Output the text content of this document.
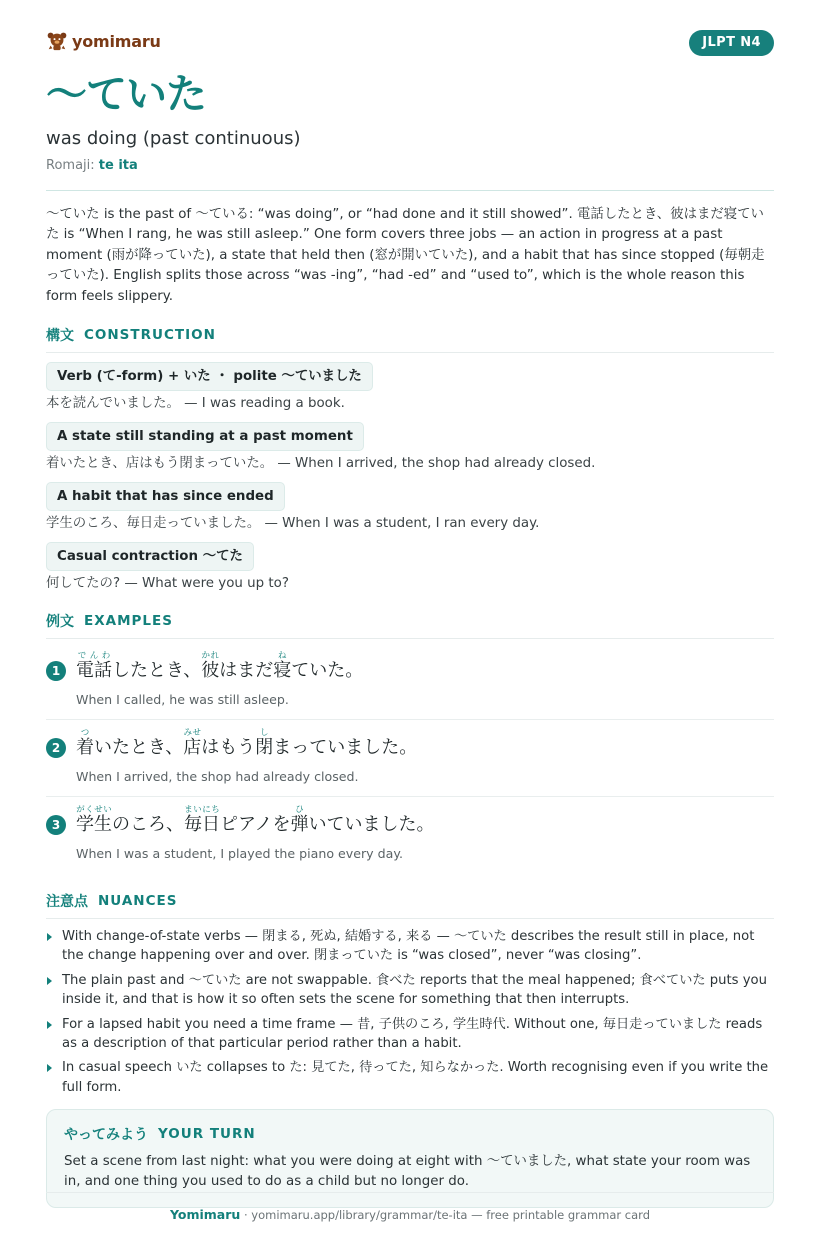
yomimaru	JLPT N4
〜ていた
was doing (past continuous)
Romaji: te ita

〜ていた is the past of 〜ている: “was doing”, or “had done and it still showed”. 電話したとき、彼はまだ寝ていた is “When I rang, he was still asleep.” One form covers three jobs — an action in progress at a past moment (雨が降っていた), a state that held then (窓が開いていた), and a habit that has since stopped (毎朝走っていた). English splits those across “was -ing”, “had -ed” and “used to”, which is the whole reason this form feels slippery.

構文 CONSTRUCTION
Verb (て-form) + いた ・ polite 〜ていました
本を読んでいました。 — I was reading a book.
A state still standing at a past moment
着いたとき、店はもう閉まっていた。 — When I arrived, the shop had already closed.
A habit that has since ended
学生のころ、毎日走っていました。 — When I was a student, I ran every day.
Casual contraction 〜てた
何してたの? — What were you up to?
例文 EXAMPLES
1 電話でんわしたとき、彼かれはまだ寝ねていた。
When I called, he was still asleep.
2 着ついたとき、店みせはもう閉しまっていました。
When I arrived, the shop had already closed.
3 学生がくせいのころ、毎日まいにちピアノを弾ひいていました。
When I was a student, I played the piano every day.
注意点 NUANCES
With change-of-state verbs — 閉まる, 死ぬ, 結婚する, 来る — 〜ていた describes the result still in place, not the change happening over and over. 閉まっていた is “was closed”, never “was closing”.
The plain past and 〜ていた are not swappable. 食べた reports that the meal happened; 食べていた puts you inside it, and that is how it so often sets the scene for something that then interrupts.
For a lapsed habit you need a time frame — 昔, 子供のころ, 学生時代. Without one, 毎日走っていました reads as a description of that particular period rather than a habit.
In casual speech いた collapses to た: 見てた, 待ってた, 知らなかった. Worth recognising even if you write the full form.
やってみよう YOUR TURN
Set a scene from last night: what you were doing at eight with 〜ていました, what state your room was in, and one thing you used to do as a child but no longer do.
Yomimaru · yomimaru.app/library/grammar/te-ita — free printable grammar card
